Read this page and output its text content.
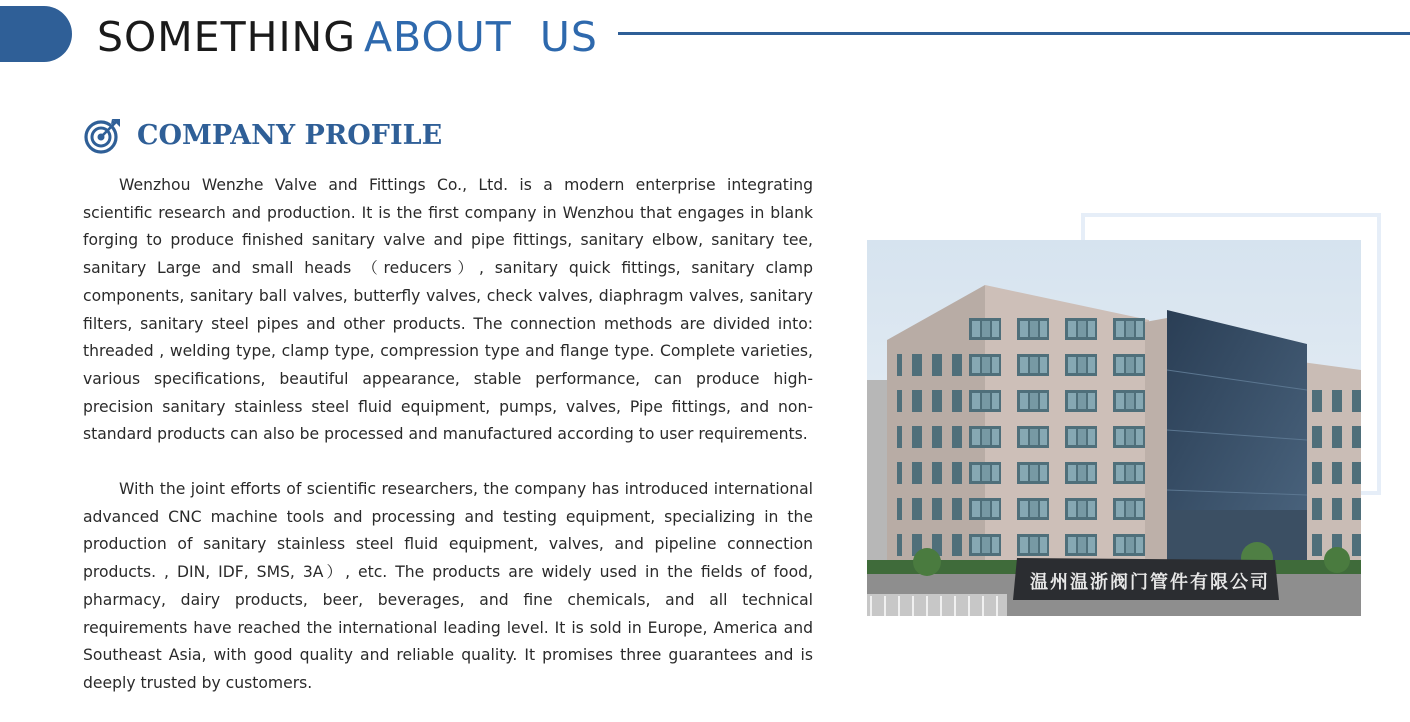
SOMETHING ABOUT  US
COMPANY PROFILE

Wenzhou Wenzhe Valve and Fittings Co., Ltd. is a modern enterprise integrating scientific research and production. It is the first company in Wenzhou that engages in blank forging to produce finished sanitary valve and pipe fittings, sanitary elbow, sanitary tee, sanitary Large and small heads （reducers）, sanitary quick fittings, sanitary clamp components, sanitary ball valves, butterfly valves, check valves, diaphragm valves, sanitary filters, sanitary steel pipes and other products. The connection methods are divided into: threaded , welding type, clamp type, compression type and flange type. Complete varieties, various specifications, beautiful appearance, stable performance, can produce high- precision sanitary stainless steel fluid equipment, pumps, valves, Pipe fittings, and non-standard products can also be processed and manufactured according to user requirements.

With the joint efforts of scientific researchers, the company has introduced international advanced CNC machine tools and processing and testing equipment, specializing in the production of sanitary stainless steel fluid equipment, valves, and pipeline connection products. , DIN, IDF, SMS, 3A）, etc. The products are widely used in the fields of food, pharmacy, dairy products, beer, beverages, and fine chemicals, and all technical requirements have reached the international leading level. It is sold in Europe, America and Southeast Asia, with good quality and reliable quality. It promises three guarantees and is deeply trusted by customers.

温州温浙阀门管件有限公司
